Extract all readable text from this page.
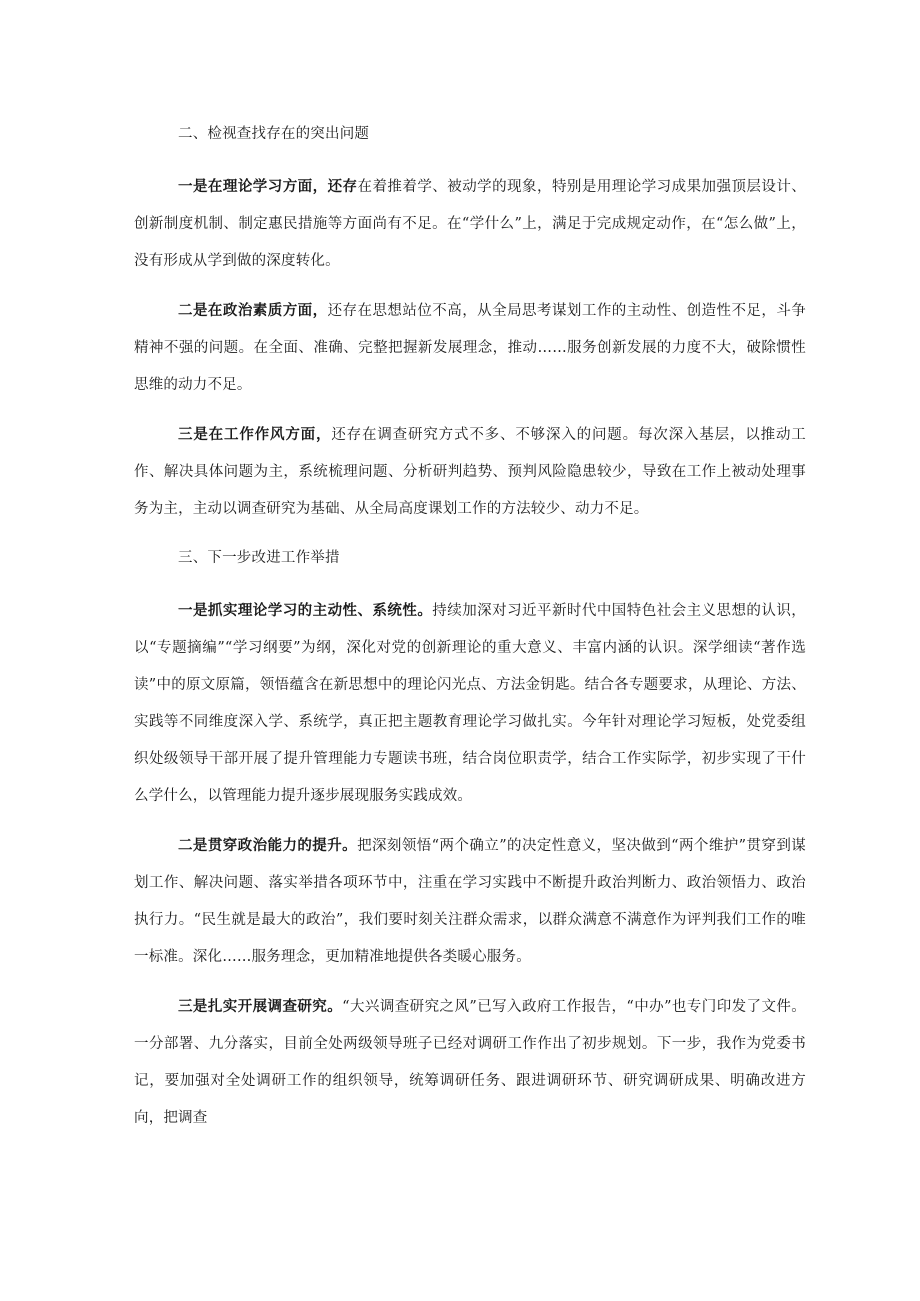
二、检视查找存在的突出问题

一是在理论学习方面，还存在着推着学、被动学的现象，特别是用理论学习成果加强顶层设计、创新制度机制、制定惠民措施等方面尚有不足。在“学什么”上，满足于完成规定动作，在“怎么做”上，没有形成从学到做的深度转化。

二是在政治素质方面，还存在思想站位不高，从全局思考谋划工作的主动性、创造性不足，斗争精神不强的问题。在全面、准确、完整把握新发展理念，推动……服务创新发展的力度不大，破除惯性思维的动力不足。

三是在工作作风方面，还存在调查研究方式不多、不够深入的问题。每次深入基层，以推动工作、解决具体问题为主，系统梳理问题、分析研判趋势、预判风险隐患较少，导致在工作上被动处理事务为主，主动以调查研究为基础、从全局高度课划工作的方法较少、动力不足。

三、下一步改进工作举措

一是抓实理论学习的主动性、系统性。持续加深对习近平新时代中国特色社会主义思想的认识，以“专题摘编”“学习纲要”为纲，深化对党的创新理论的重大意义、丰富内涵的认识。深学细读“著作选读”中的原文原篇，领悟蕴含在新思想中的理论闪光点、方法金钥匙。结合各专题要求，从理论、方法、实践等不同维度深入学、系统学，真正把主题教育理论学习做扎实。今年针对理论学习短板，处党委组织处级领导干部开展了提升管理能力专题读书班，结合岗位职责学，结合工作实际学，初步实现了干什么学什么，以管理能力提升逐步展现服务实践成效。

二是贯穿政治能力的提升。把深刻领悟“两个确立”的决定性意义，坚决做到“两个维护”贯穿到谋划工作、解决问题、落实举措各项环节中，注重在学习实践中不断提升政治判断力、政治领悟力、政治执行力。“民生就是最大的政治”，我们要时刻关注群众需求，以群众满意不满意作为评判我们工作的唯一标准。深化……服务理念，更加精准地提供各类暖心服务。

三是扎实开展调查研究。“大兴调查研究之风”已写入政府工作报告，“中办”也专门印发了文件。一分部署、九分落实，目前全处两级领导班子已经对调研工作作出了初步规划。下一步，我作为党委书记，要加强对全处调研工作的组织领导，统筹调研任务、跟进调研环节、研究调研成果、明确改进方向，把调查
